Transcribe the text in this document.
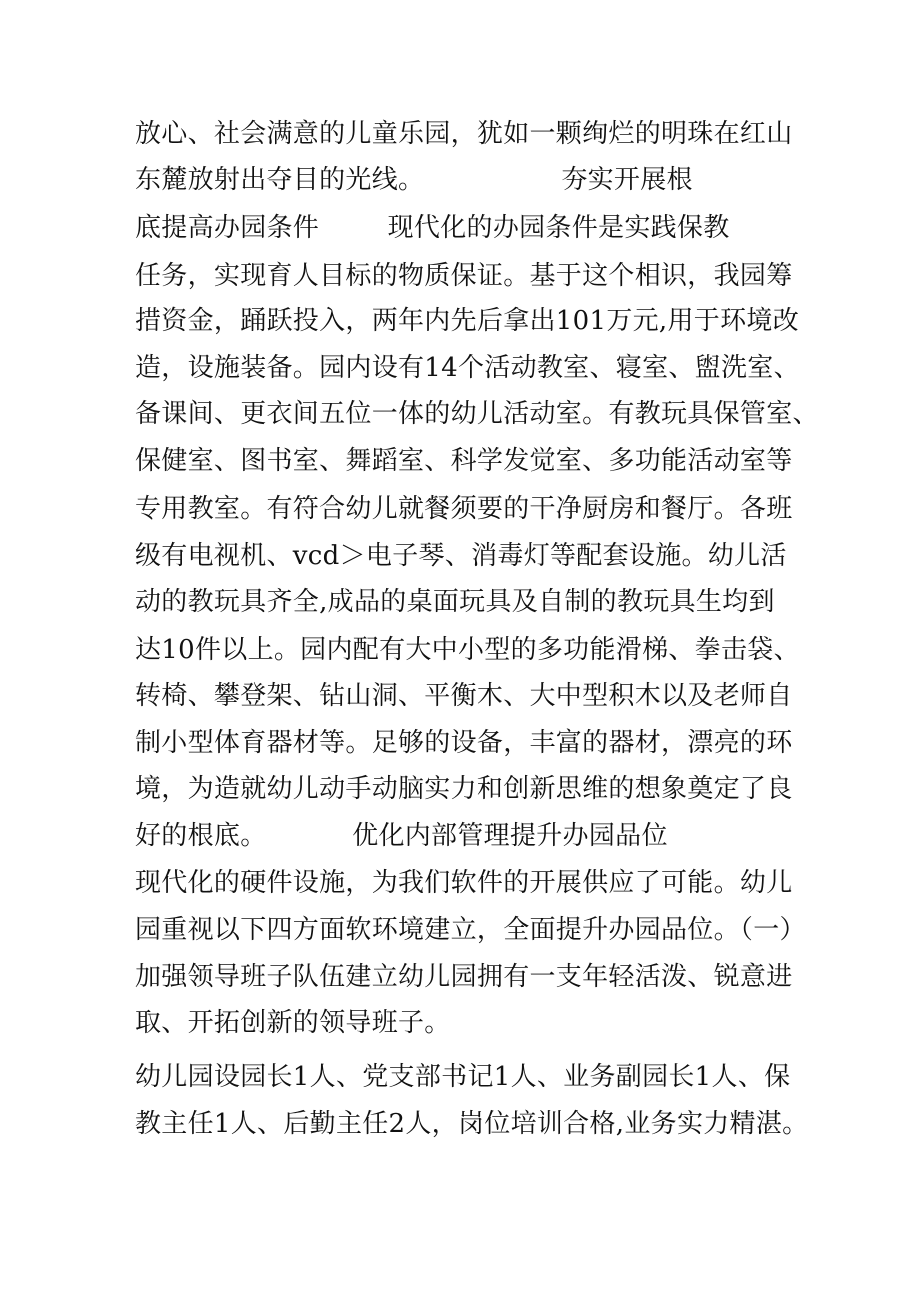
放心、社会满意的儿童乐园，犹如一颗绚烂的明珠在红山

东麓放射出夺目的光线。                夯实开展根

底提高办园条件        现代化的办园条件是实践保教

任务，实现育人目标的物质保证。基于这个相识，我园筹

措资金，踊跃投入，两年内先后拿出101万元,用于环境改

造，设施装备。园内设有14个活动教室、寝室、盥洗室、

备课间、更衣间五位一体的幼儿活动室。有教玩具保管室、

保健室、图书室、舞蹈室、科学发觉室、多功能活动室等

专用教室。有符合幼儿就餐须要的干净厨房和餐厅。各班

级有电视机、vcd＞电子琴、消毒灯等配套设施。幼儿活

动的教玩具齐全,成品的桌面玩具及自制的教玩具生均到

达10件以上。园内配有大中小型的多功能滑梯、拳击袋、

转椅、攀登架、钻山洞、平衡木、大中型积木以及老师自

制小型体育器材等。足够的设备，丰富的器材，漂亮的环

境，为造就幼儿动手动脑实力和创新思维的想象奠定了良

好的根底。          优化内部管理提升办园品位

现代化的硬件设施，为我们软件的开展供应了可能。幼儿

园重视以下四方面软环境建立，全面提升办园品位。（一）

加强领导班子队伍建立幼儿园拥有一支年轻活泼、锐意进

取、开拓创新的领导班子。

幼儿园设园长1人、党支部书记1人、业务副园长1人、保

教主任1人、后勤主任2人，岗位培训合格,业务实力精湛。
